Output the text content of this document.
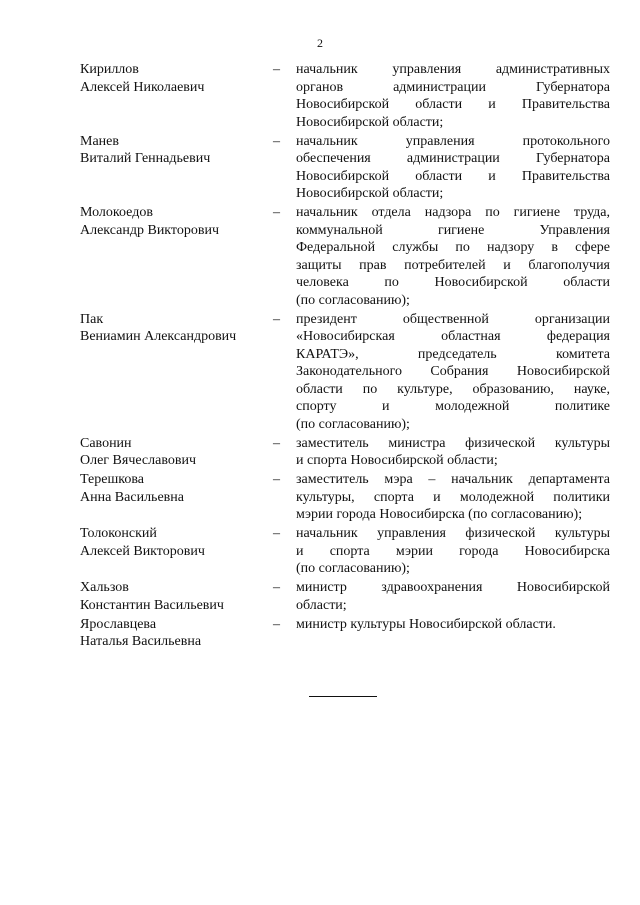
2
Кириллов
Алексей Николаевич
–	начальник управления административных
органов администрации Губернатора
Новосибирской области и Правительства
Новосибирской области;
Манев
Виталий Геннадьевич
–	начальник управления протокольного
обеспечения администрации Губернатора
Новосибирской области и Правительства
Новосибирской области;
Молокоедов
Александр Викторович
–	начальник отдела надзора по гигиене труда,
коммунальной гигиене Управления
Федеральной службы по надзору в сфере
защиты прав потребителей и благополучия
человека по Новосибирской области
(по согласованию);
Пак
Вениамин Александрович
–	президент общественной организации
«Новосибирская областная федерация
КАРАТЭ», председатель комитета
Законодательного Собрания Новосибирской
области по культуре, образованию, науке,
спорту и молодежной политике
(по согласованию);
Савонин
Олег Вячеславович
–	заместитель министра физической культуры
и спорта Новосибирской области;
Терешкова
Анна Васильевна
–	заместитель мэра – начальник департамента
культуры, спорта и молодежной политики
мэрии города Новосибирска (по согласованию);
Толоконский
Алексей Викторович
–	начальник управления физической культуры
и спорта мэрии города Новосибирска
(по согласованию);
Хальзов
Константин Васильевич
–	министр здравоохранения Новосибирской
области;
Ярославцева
Наталья Васильевна
–	министр культуры Новосибирской области.
